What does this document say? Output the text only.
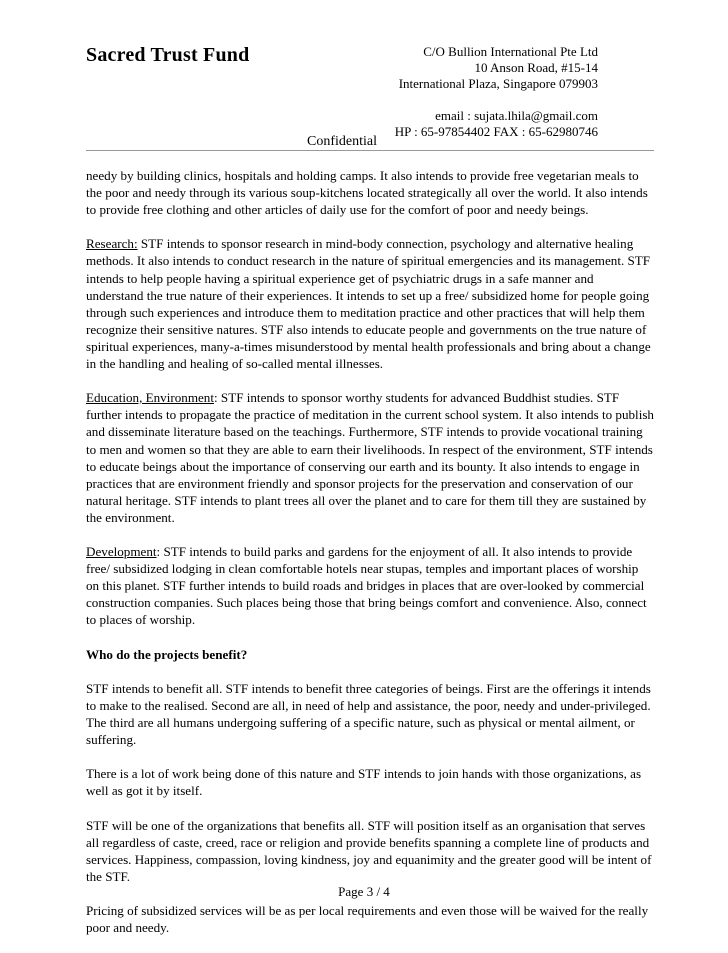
Sacred Trust Fund	C/O Bullion International Pte Ltd
10 Anson Road, #15-14
International Plaza, Singapore 079903
email : sujata.lhila@gmail.com
HP : 65-97854402 FAX : 65-62980746
Confidential

needy by building clinics, hospitals and holding camps. It also intends to provide free vegetarian meals to the poor and needy through its various soup-kitchens located strategically all over the world. It also intends to provide free clothing and other articles of daily use for the comfort of poor and needy beings.

Research: STF intends to sponsor research in mind-body connection, psychology and alternative healing methods. It also intends to conduct research in the nature of spiritual emergencies and its management. STF intends to help people having a spiritual experience get of psychiatric drugs in a safe manner and understand the true nature of their experiences. It intends to set up a free/ subsidized home for people going through such experiences and introduce them to meditation practice and other practices that will help them recognize their sensitive natures. STF also intends to educate people and governments on the true nature of spiritual experiences, many-a-times misunderstood by mental health professionals and bring about a change in the handling and healing of so-called mental illnesses.

Education, Environment: STF intends to sponsor worthy students for advanced Buddhist studies. STF further intends to propagate the practice of meditation in the current school system. It also intends to publish and disseminate literature based on the teachings. Furthermore, STF intends to provide vocational training to men and women so that they are able to earn their livelihoods. In respect of the environment, STF intends to educate beings about the importance of conserving our earth and its bounty. It also intends to engage in practices that are environment friendly and sponsor projects for the preservation and conservation of our natural heritage. STF intends to plant trees all over the planet and to care for them till they are sustained by the environment.

Development: STF intends to build parks and gardens for the enjoyment of all. It also intends to provide free/ subsidized lodging in clean comfortable hotels near stupas, temples and important places of worship on this planet. STF further intends to build roads and bridges in places that are over-looked by commercial construction companies. Such places being those that bring beings comfort and convenience. Also, connect to places of worship.

Who do the projects benefit?

STF intends to benefit all. STF intends to benefit three categories of beings. First are the offerings it intends to make to the realised. Second are all, in need of help and assistance, the poor, needy and under-privileged. The third are all humans undergoing suffering of a specific nature, such as physical or mental ailment, or suffering.

There is a lot of work being done of this nature and STF intends to join hands with those organizations, as well as got it by itself.

STF will be one of the organizations that benefits all. STF will position itself as an organisation that serves all regardless of caste, creed, race or religion and provide benefits spanning a complete line of products and services. Happiness, compassion, loving kindness, joy and equanimity and the greater good will be intent of the STF.

Pricing of subsidized services will be as per local requirements and even those will be waived for the really poor and needy.

Page 3 / 4
